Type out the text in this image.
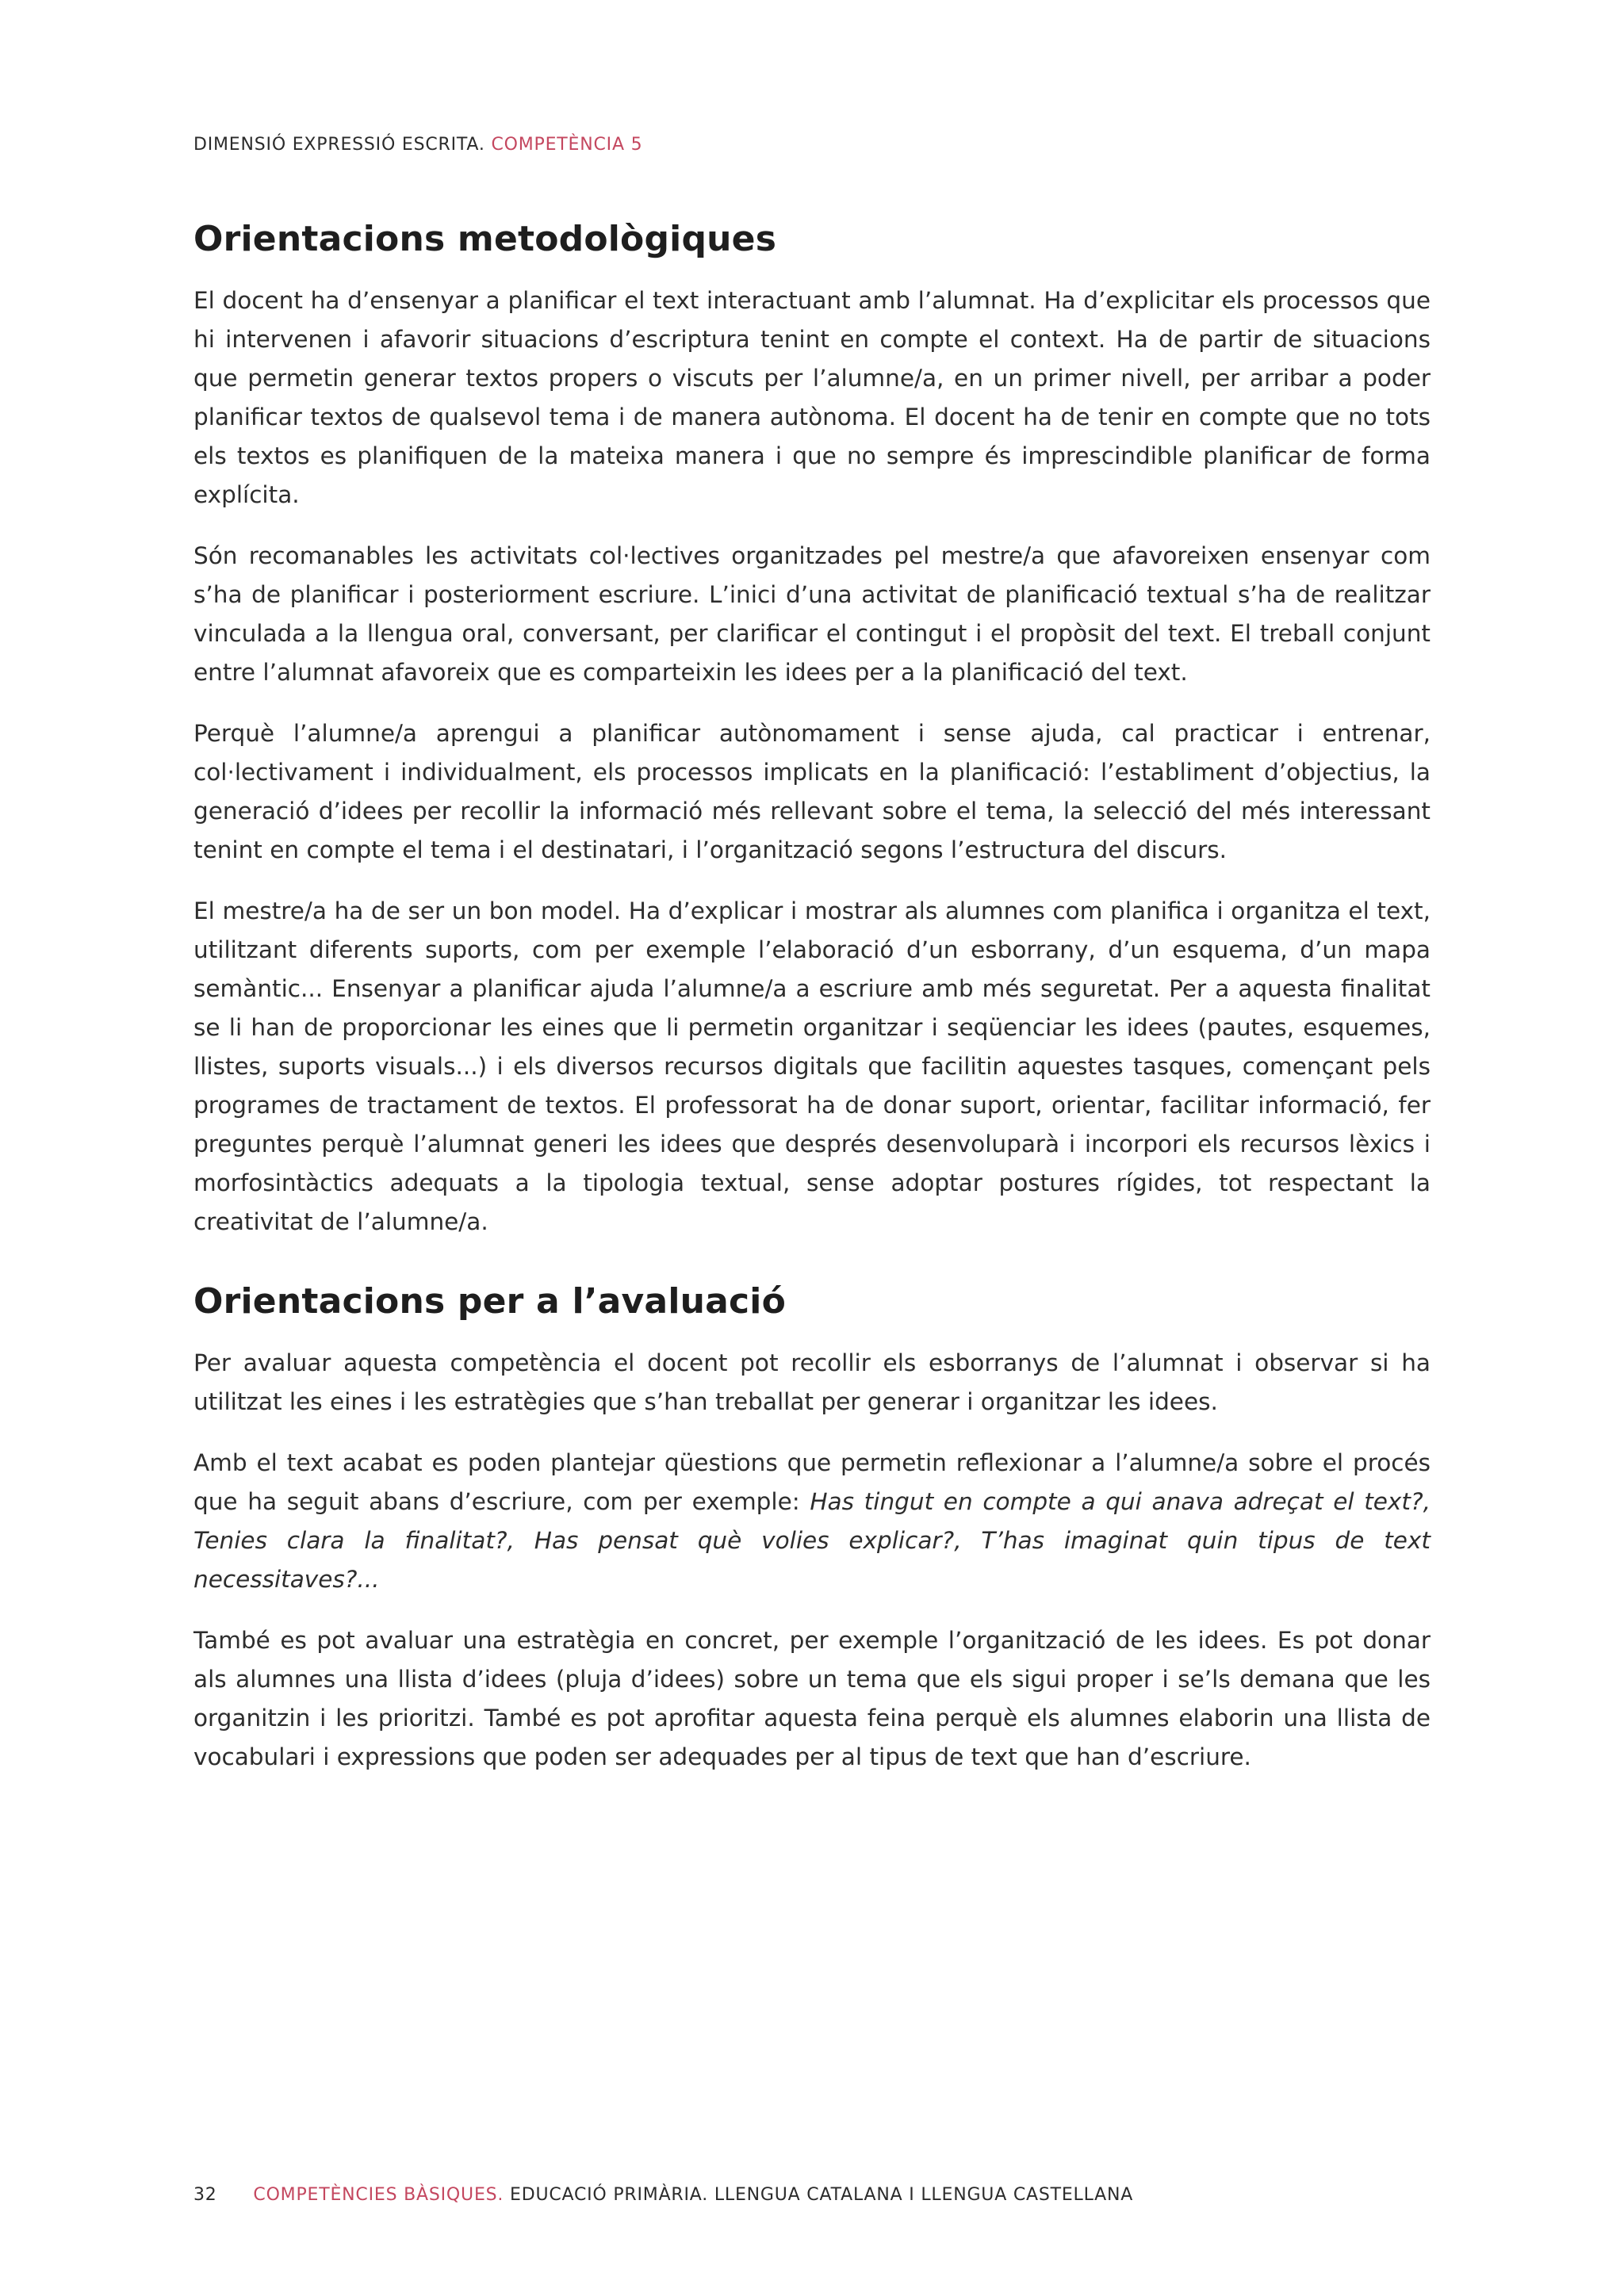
DIMENSIÓ EXPRESSIÓ ESCRITA. COMPETÈNCIA 5
Orientacions metodològiques

El docent ha d’ensenyar a planificar el text interactuant amb l’alumnat. Ha d’explicitar els processos que hi intervenen i afavorir situacions d’escriptura tenint en compte el context. Ha de partir de situacions que permetin generar textos propers o viscuts per l’alumne/a, en un primer nivell, per arribar a poder planificar textos de qualsevol tema i de manera autònoma. El docent ha de tenir en compte que no tots els textos es planifiquen de la mateixa manera i que no sempre és imprescindible planificar de forma explícita.

Són recomanables les activitats col·lectives organitzades pel mestre/a que afavoreixen ensenyar com s’ha de planificar i posteriorment escriure. L’inici d’una activitat de planificació textual s’ha de realitzar vinculada a la llengua oral, conversant, per clarificar el contingut i el propòsit del text. El treball conjunt entre l’alumnat afavoreix que es comparteixin les idees per a la planificació del text.

Perquè l’alumne/a aprengui a planificar autònomament i sense ajuda, cal practicar i entrenar, col·lectivament i individualment, els processos implicats en la planificació: l’establiment d’objectius, la generació d’idees per recollir la informació més rellevant sobre el tema, la selecció del més interessant tenint en compte el tema i el destinatari, i l’organització segons l’estructura del discurs.

El mestre/a ha de ser un bon model. Ha d’explicar i mostrar als alumnes com planifica i organitza el text, utilitzant diferents suports, com per exemple l’elaboració d’un esborrany, d’un esquema, d’un mapa semàntic... Ensenyar a planificar ajuda l’alumne/a a escriure amb més seguretat. Per a aquesta finalitat se li han de proporcionar les eines que li permetin organitzar i seqüenciar les idees (pautes, esquemes, llistes, suports visuals...) i els diversos recursos digitals que facilitin aquestes tasques, començant pels programes de tractament de textos. El professorat ha de donar suport, orientar, facilitar informació, fer preguntes perquè l’alumnat generi les idees que després desenvoluparà i incorpori els recursos lèxics i morfosintàctics adequats a la tipologia textual, sense adoptar postures rígides, tot respectant la creativitat de l’alumne/a.

Orientacions per a l’avaluació

Per avaluar aquesta competència el docent pot recollir els esborranys de l’alumnat i observar si ha utilitzat les eines i les estratègies que s’han treballat per generar i organitzar les idees.

Amb el text acabat es poden plantejar qüestions que permetin reflexionar a l’alumne/a sobre el procés que ha seguit abans d’escriure, com per exemple: Has tingut en compte a qui anava adreçat el text?, Tenies clara la finalitat?, Has pensat què volies explicar?, T’has imaginat quin tipus de text necessitaves?...

També es pot avaluar una estratègia en concret, per exemple l’organització de les idees. Es pot donar als alumnes una llista d’idees (pluja d’idees) sobre un tema que els sigui proper i se’ls demana que les organitzin i les prioritzi. També es pot aprofitar aquesta feina perquè els alumnes elaborin una llista de vocabulari i expressions que poden ser adequades per al tipus de text que han d’escriure.

32 COMPETÈNCIES BÀSIQUES. EDUCACIÓ PRIMÀRIA. LLENGUA CATALANA I LLENGUA CASTELLANA
